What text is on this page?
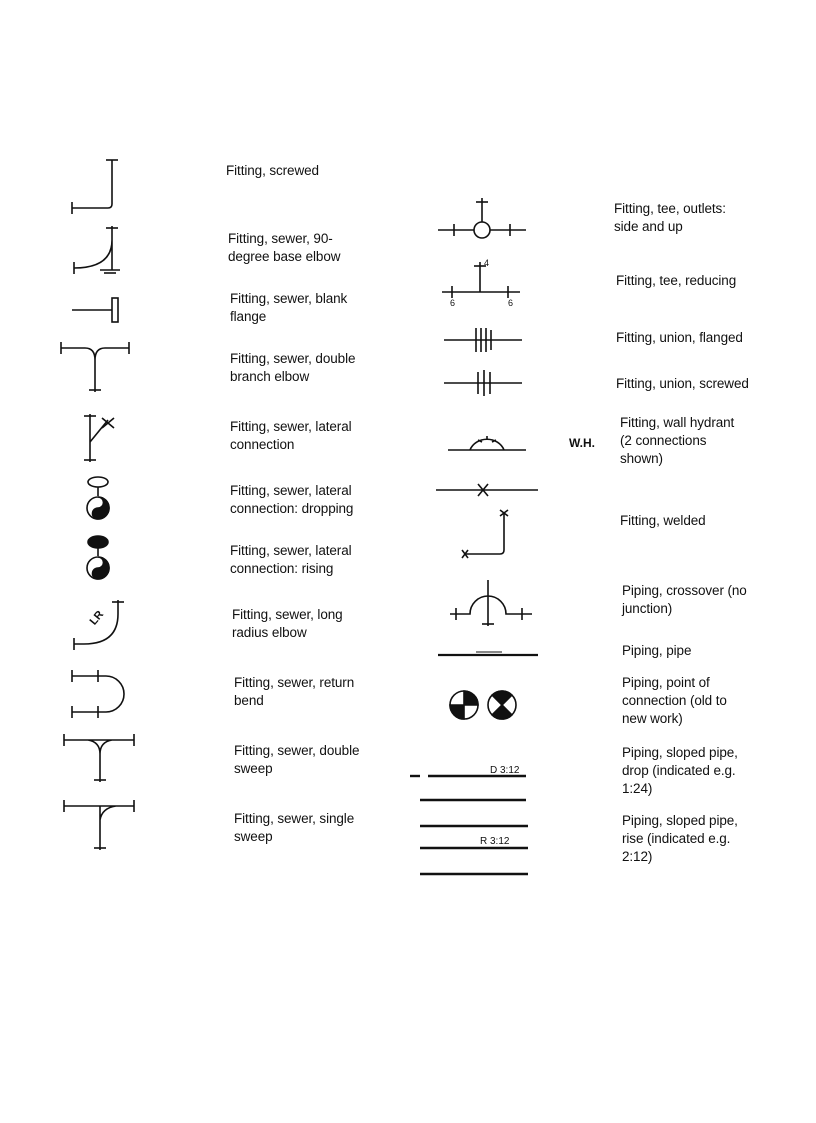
Fitting, screwed
Fitting, sewer, 90-
degree base elbow
Fitting, sewer, blank
flange
Fitting, sewer, double
branch elbow
Fitting, sewer, lateral
connection
Fitting, sewer, lateral
connection: dropping
Fitting, sewer, lateral
connection: rising
LR	Fitting, sewer, long
radius elbow
Fitting, sewer, return
bend
Fitting, sewer, double
sweep
Fitting, sewer, single
sweep
Fitting, tee, outlets:
side and up
4
6	6
Fitting, tee, reducing
Fitting, union, flanged
Fitting, union, screwed
W.H.
Fitting, wall hydrant
(2 connections
shown)
Fitting, welded
Piping, crossover (no
junction)
Piping, pipe
Piping, point of
connection (old to
new work)
D 3:12
Piping, sloped pipe,
drop (indicated e.g.
1:24)
R 3:12
Piping, sloped pipe,
rise (indicated e.g.
2:12)
